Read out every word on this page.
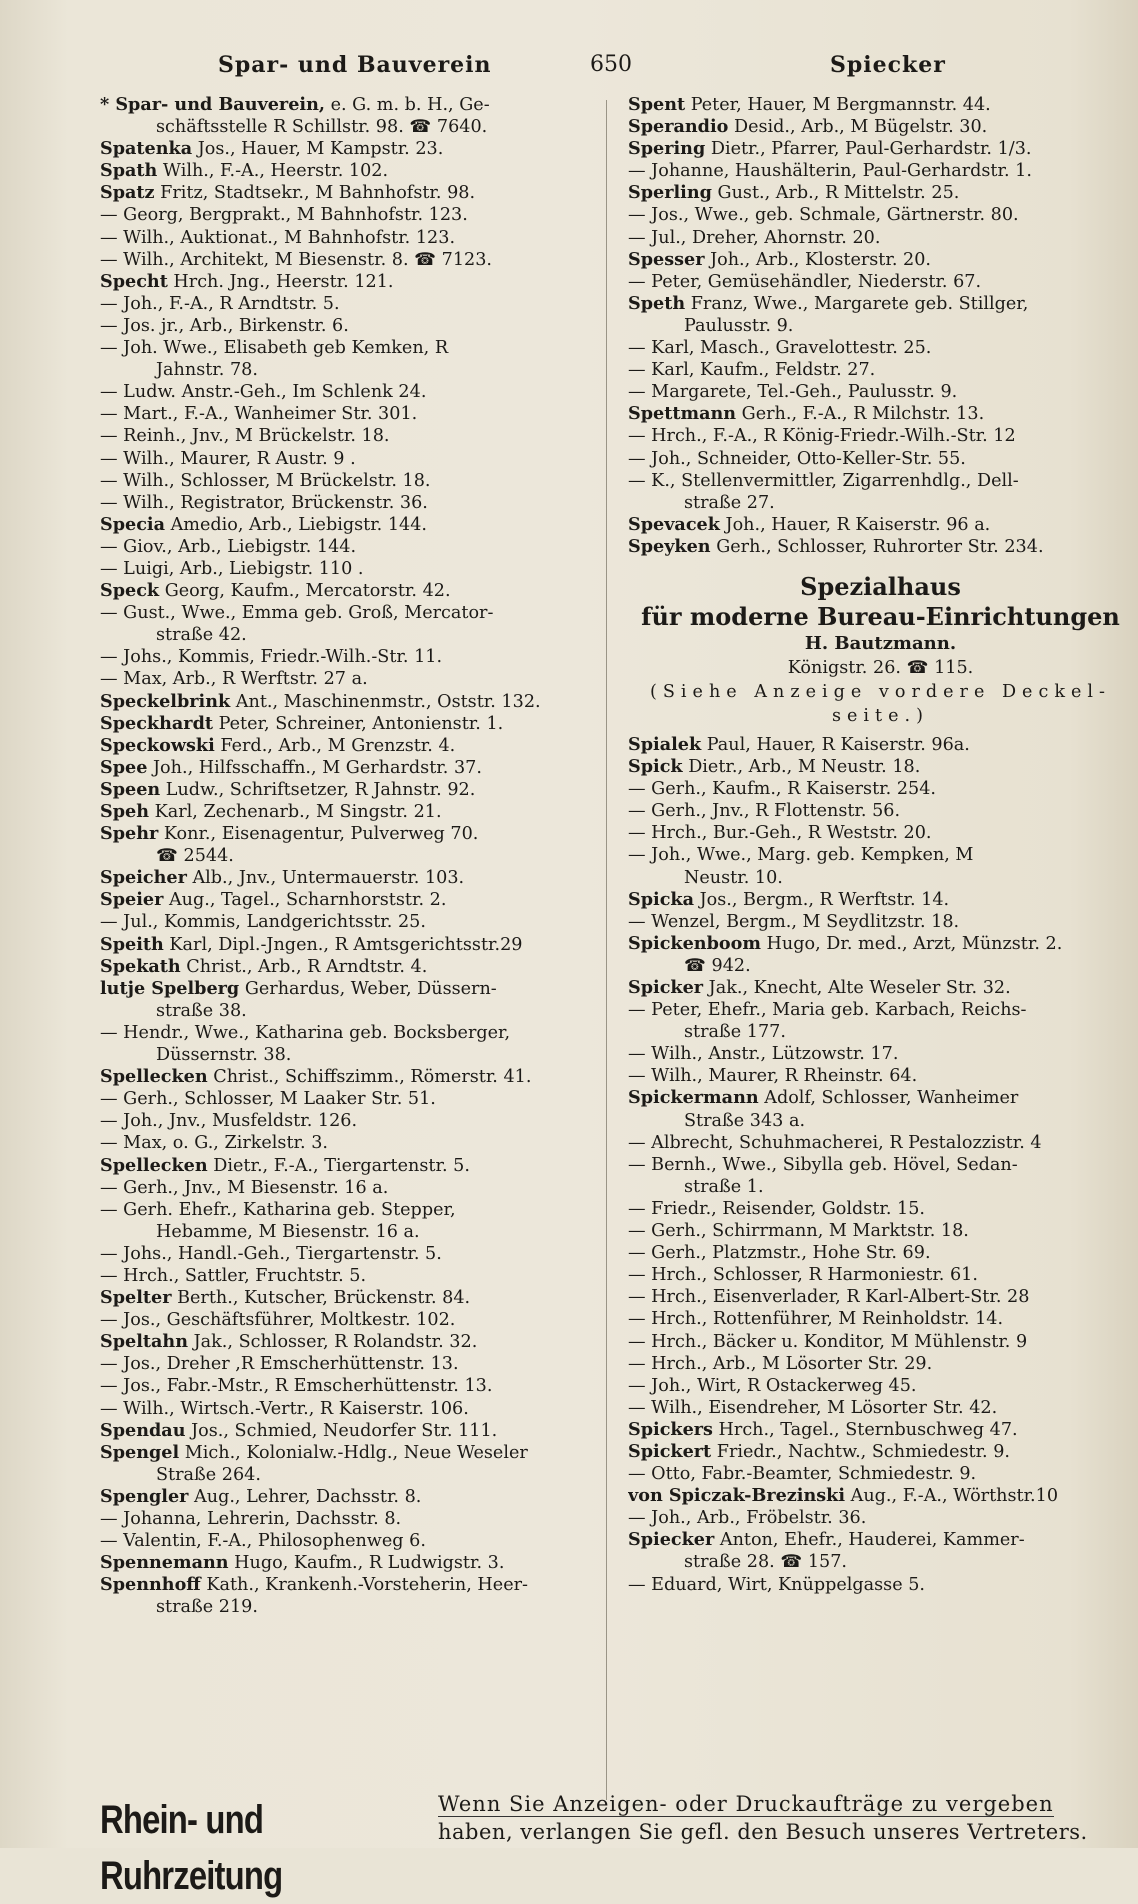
Spar- und Bauverein	650	Spiecker
* Spar- und Bauverein, e. G. m. b. H., Ge-
schäftsstelle R Schillstr. 98. ☎ 7640.
Spatenka Jos., Hauer, M Kampstr. 23.
Spath Wilh., F.-A., Heerstr. 102.
Spatz Fritz, Stadtsekr., M Bahnhofstr. 98.
— Georg, Bergprakt., M Bahnhofstr. 123.
— Wilh., Auktionat., M Bahnhofstr. 123.
— Wilh., Architekt, M Biesenstr. 8. ☎ 7123.
Specht Hrch. Jng., Heerstr. 121.
— Joh., F.-A., R Arndtstr. 5.
— Jos. jr., Arb., Birkenstr. 6.
— Joh. Wwe., Elisabeth geb Kemken, R
Jahnstr. 78.
— Ludw. Anstr.-Geh., Im Schlenk 24.
— Mart., F.-A., Wanheimer Str. 301.
— Reinh., Jnv., M Brückelstr. 18.
— Wilh., Maurer, R Austr. 9 .
— Wilh., Schlosser, M Brückelstr. 18.
— Wilh., Registrator, Brückenstr. 36.
Specia Amedio, Arb., Liebigstr. 144.
— Giov., Arb., Liebigstr. 144.
— Luigi, Arb., Liebigstr. 110 .
Speck Georg, Kaufm., Mercatorstr. 42.
— Gust., Wwe., Emma geb. Groß, Mercator-
straße 42.
— Johs., Kommis, Friedr.-Wilh.-Str. 11.
— Max, Arb., R Werftstr. 27 a.
Speckelbrink Ant., Maschinenmstr., Oststr. 132.
Speckhardt Peter, Schreiner, Antonienstr. 1.
Speckowski Ferd., Arb., M Grenzstr. 4.
Spee Joh., Hilfsschaffn., M Gerhardstr. 37.
Speen Ludw., Schriftsetzer, R Jahnstr. 92.
Speh Karl, Zechenarb., M Singstr. 21.
Spehr Konr., Eisenagentur, Pulverweg 70.
☎ 2544.
Speicher Alb., Jnv., Untermauerstr. 103.
Speier Aug., Tagel., Scharnhorststr. 2.
— Jul., Kommis, Landgerichtsstr. 25.
Speith Karl, Dipl.-Jngen., R Amtsgerichtsstr.29
Spekath Christ., Arb., R Arndtstr. 4.
lutje Spelberg Gerhardus, Weber, Düssern-
straße 38.
— Hendr., Wwe., Katharina geb. Bocksberger,
Düssernstr. 38.
Spellecken Christ., Schiffszimm., Römerstr. 41.
— Gerh., Schlosser, M Laaker Str. 51.
— Joh., Jnv., Musfeldstr. 126.
— Max, o. G., Zirkelstr. 3.
Spellecken Dietr., F.-A., Tiergartenstr. 5.
— Gerh., Jnv., M Biesenstr. 16 a.
— Gerh. Ehefr., Katharina geb. Stepper,
Hebamme, M Biesenstr. 16 a.
— Johs., Handl.-Geh., Tiergartenstr. 5.
— Hrch., Sattler, Fruchtstr. 5.
Spelter Berth., Kutscher, Brückenstr. 84.
— Jos., Geschäftsführer, Moltkestr. 102.
Speltahn Jak., Schlosser, R Rolandstr. 32.
— Jos., Dreher ,R Emscherhüttenstr. 13.
— Jos., Fabr.-Mstr., R Emscherhüttenstr. 13.
— Wilh., Wirtsch.-Vertr., R Kaiserstr. 106.
Spendau Jos., Schmied, Neudorfer Str. 111.
Spengel Mich., Kolonialw.-Hdlg., Neue Weseler
Straße 264.
Spengler Aug., Lehrer, Dachsstr. 8.
— Johanna, Lehrerin, Dachsstr. 8.
— Valentin, F.-A., Philosophenweg 6.
Spennemann Hugo, Kaufm., R Ludwigstr. 3.
Spennhoff Kath., Krankenh.-Vorsteherin, Heer-
straße 219.
Spent Peter, Hauer, M Bergmannstr. 44.
Sperandio Desid., Arb., M Bügelstr. 30.
Spering Dietr., Pfarrer, Paul-Gerhardstr. 1/3.
— Johanne, Haushälterin, Paul-Gerhardstr. 1.
Sperling Gust., Arb., R Mittelstr. 25.
— Jos., Wwe., geb. Schmale, Gärtnerstr. 80.
— Jul., Dreher, Ahornstr. 20.
Spesser Joh., Arb., Klosterstr. 20.
— Peter, Gemüsehändler, Niederstr. 67.
Speth Franz, Wwe., Margarete geb. Stillger,
Paulusstr. 9.
— Karl, Masch., Gravelottestr. 25.
— Karl, Kaufm., Feldstr. 27.
— Margarete, Tel.-Geh., Paulusstr. 9.
Spettmann Gerh., F.-A., R Milchstr. 13.
— Hrch., F.-A., R König-Friedr.-Wilh.-Str. 12
— Joh., Schneider, Otto-Keller-Str. 55.
— K., Stellenvermittler, Zigarrenhdlg., Dell-
straße 27.
Spevacek Joh., Hauer, R Kaiserstr. 96 a.
Speyken Gerh., Schlosser, Ruhrorter Str. 234.
Spezialhaus
für moderne Bureau-Einrichtungen
H. Bautzmann.
Königstr. 26. ☎ 115.
(Siehe Anzeige vordere Deckel-
seite.)
Spialek Paul, Hauer, R Kaiserstr. 96a.
Spick Dietr., Arb., M Neustr. 18.
— Gerh., Kaufm., R Kaiserstr. 254.
— Gerh., Jnv., R Flottenstr. 56.
— Hrch., Bur.-Geh., R Weststr. 20.
— Joh., Wwe., Marg. geb. Kempken, M
Neustr. 10.
Spicka Jos., Bergm., R Werftstr. 14.
— Wenzel, Bergm., M Seydlitzstr. 18.
Spickenboom Hugo, Dr. med., Arzt, Münzstr. 2.
☎ 942.
Spicker Jak., Knecht, Alte Weseler Str. 32.
— Peter, Ehefr., Maria geb. Karbach, Reichs-
straße 177.
— Wilh., Anstr., Lützowstr. 17.
— Wilh., Maurer, R Rheinstr. 64.
Spickermann Adolf, Schlosser, Wanheimer
Straße 343 a.
— Albrecht, Schuhmacherei, R Pestalozzistr. 4
— Bernh., Wwe., Sibylla geb. Hövel, Sedan-
straße 1.
— Friedr., Reisender, Goldstr. 15.
— Gerh., Schirrmann, M Marktstr. 18.
— Gerh., Platzmstr., Hohe Str. 69.
— Hrch., Schlosser, R Harmoniestr. 61.
— Hrch., Eisenverlader, R Karl-Albert-Str. 28
— Hrch., Rottenführer, M Reinholdstr. 14.
— Hrch., Bäcker u. Konditor, M Mühlenstr. 9
— Hrch., Arb., M Lösorter Str. 29.
— Joh., Wirt, R Ostackerweg 45.
— Wilh., Eisendreher, M Lösorter Str. 42.
Spickers Hrch., Tagel., Sternbuschweg 47.
Spickert Friedr., Nachtw., Schmiedestr. 9.
— Otto, Fabr.-Beamter, Schmiedestr. 9.
von Spiczak-Brezinski Aug., F.-A., Wörthstr.10
— Joh., Arb., Fröbelstr. 36.
Spiecker Anton, Ehefr., Hauderei, Kammer-
straße 28. ☎ 157.
— Eduard, Wirt, Knüppelgasse 5.
Rhein- und Ruhrzeitung
Wenn Sie Anzeigen- oder Druckaufträge zu vergeben
haben, verlangen Sie gefl. den Besuch unseres Vertreters.
